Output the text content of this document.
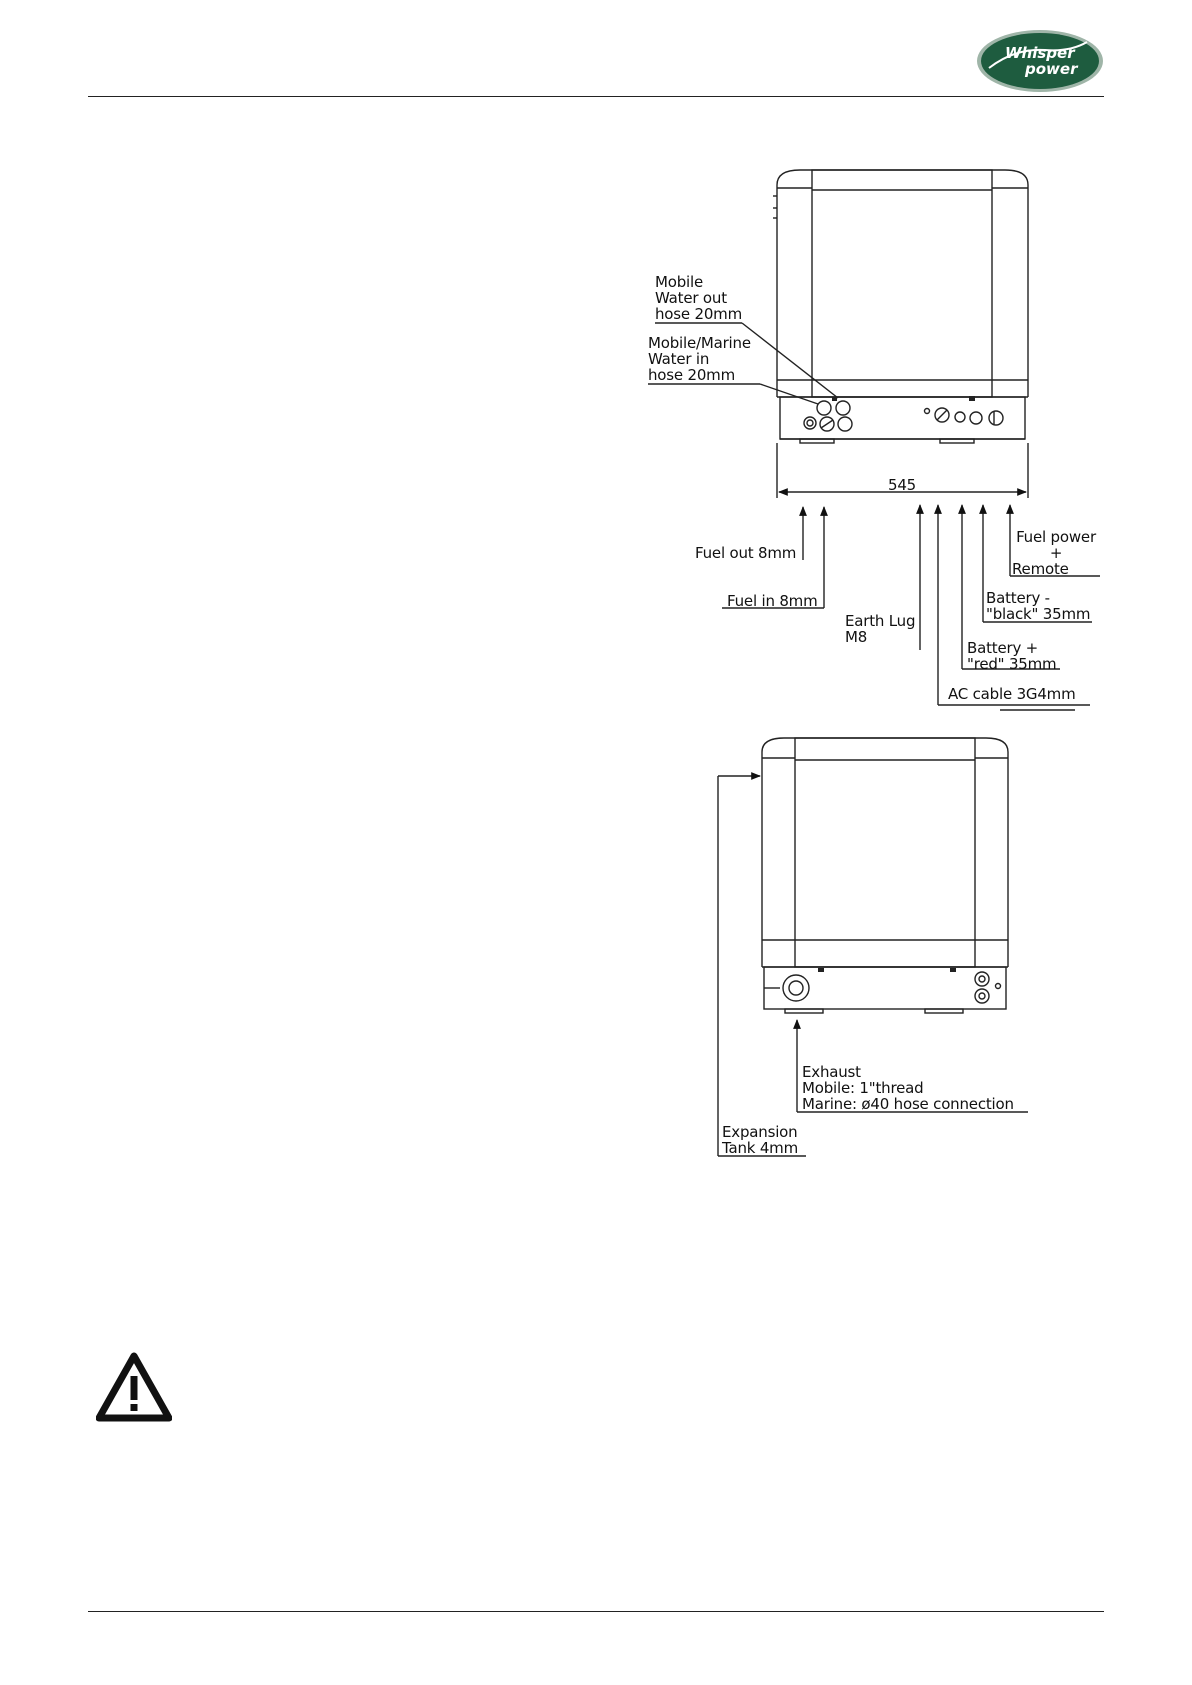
Whisper
power
Mobile
Water out
hose 20mm
Mobile/Marine
Water in
hose 20mm
545
Fuel out 8mm
Fuel in 8mm
Earth Lug
M8
AC cable 3G4mm
Battery +
"red" 35mm
Battery -
"black" 35mm
Fuel power
+
Remote
Exhaust
Mobile: 1"thread
Marine: ø40 hose connection
Expansion
Tank 4mm
